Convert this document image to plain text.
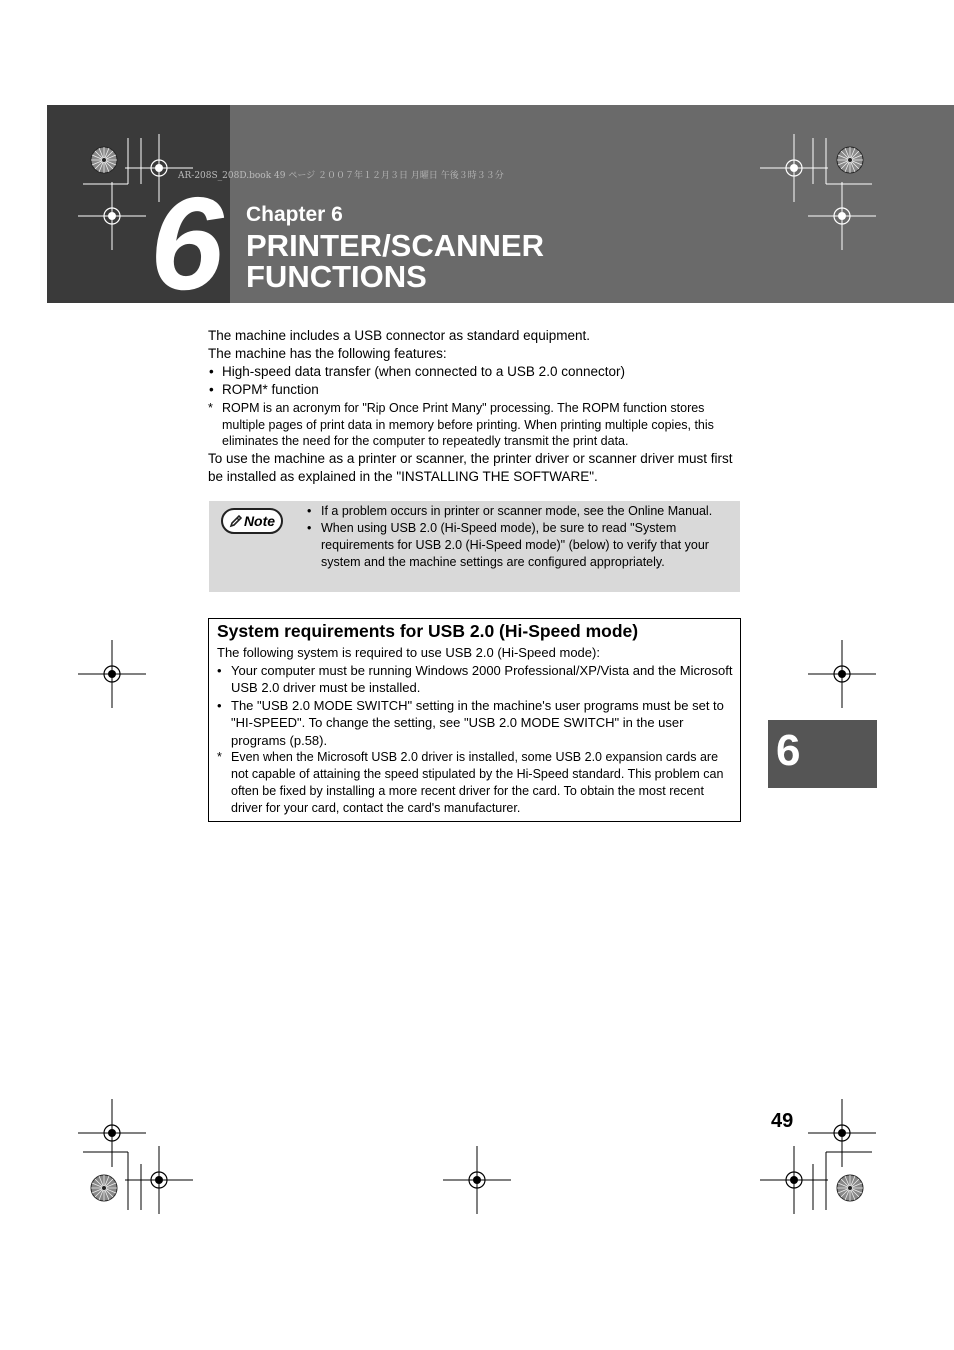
6
AR-208S_208D.book 49 ページ ２００７年１２月３日 月曜日 午後３時３３分
Chapter 6
PRINTER/SCANNER
FUNCTIONS

The machine includes a USB connector as standard equipment.

The machine has the following features:

• High-speed data transfer (when connected to a USB 2.0 connector)
• ROPM* function
* ROPM is an acronym for "Rip Once Print Many" processing. The ROPM function stores multiple pages of print data in memory before printing. When printing multiple copies, this eliminates the need for the computer to repeatedly transmit the print data.

To use the machine as a printer or scanner, the printer driver or scanner driver must first be installed as explained in the "INSTALLING THE SOFTWARE".

Note
• If a problem occurs in printer or scanner mode, see the Online Manual.
• When using USB 2.0 (Hi-Speed mode), be sure to read "System requirements for USB 2.0 (Hi-Speed mode)" (below) to verify that your system and the machine settings are configured appropriately.
System requirements for USB 2.0 (Hi-Speed mode)

The following system is required to use USB 2.0 (Hi-Speed mode):

• Your computer must be running Windows 2000 Professional/XP/Vista and the Microsoft USB 2.0 driver must be installed.
• The "USB 2.0 MODE SWITCH" setting in the machine's user programs must be set to "HI-SPEED". To change the setting, see "USB 2.0 MODE SWITCH" in the user programs (p.58).
* Even when the Microsoft USB 2.0 driver is installed, some USB 2.0 expansion cards are not capable of attaining the speed stipulated by the Hi-Speed standard. This problem can often be fixed by installing a more recent driver for the card. To obtain the most recent driver for your card, contact the card's manufacturer.
6
49
